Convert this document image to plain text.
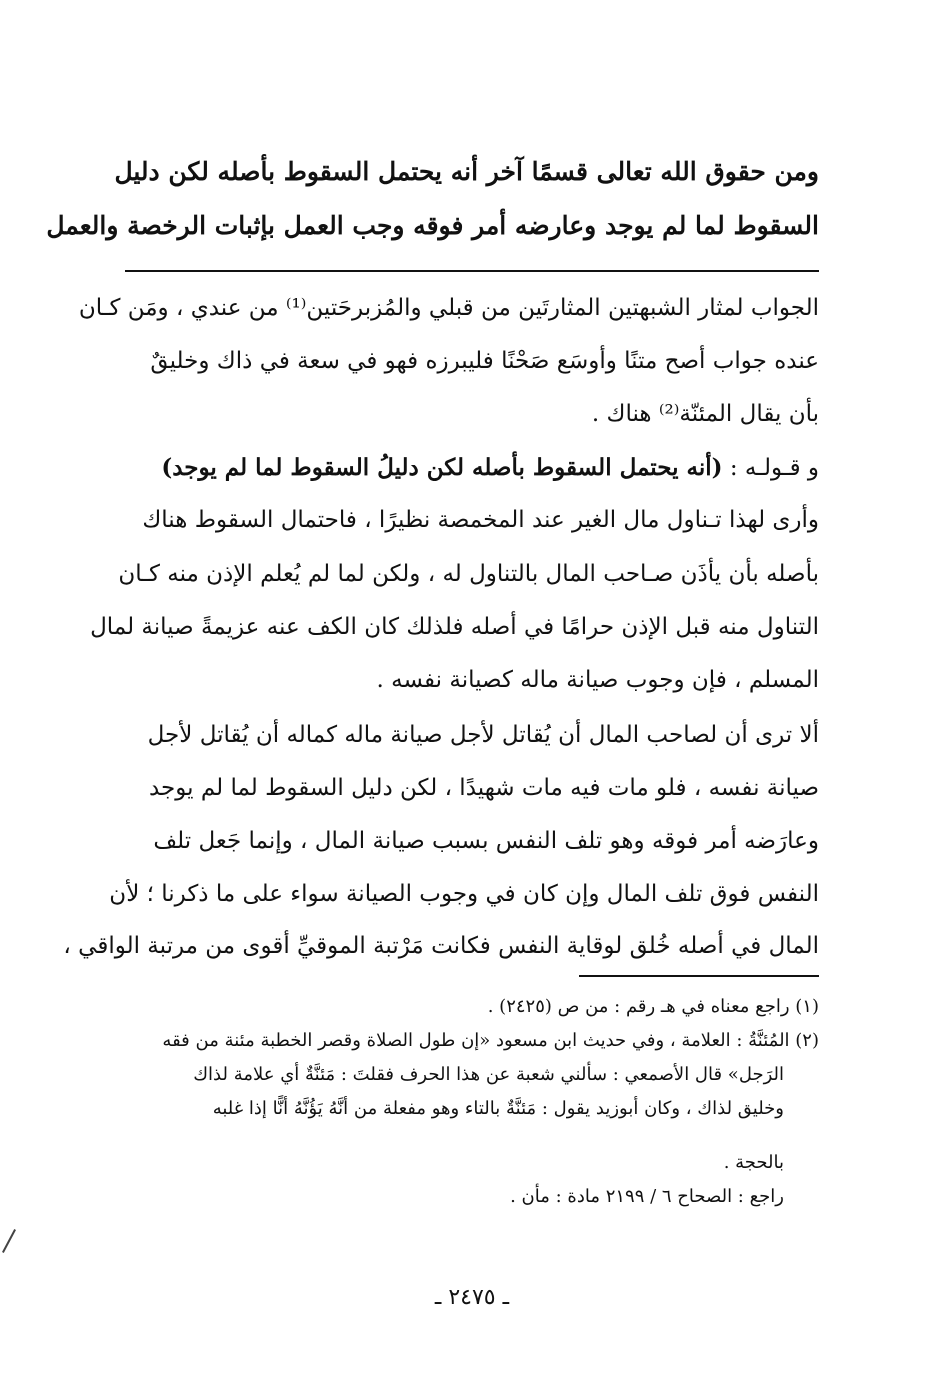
ومن حقوق الله تعالى قسمًا آخر أنه يحتمل السقوط بأصله لكن دليل
السقوط لما لم يوجد وعارضه أمر فوقه وجب العمل بإثبات الرخصة والعمل
الجواب لمثار الشبهتين المثارتَين من قبلي والمُزبرحَتين⁽¹⁾ من عندي ، ومَن كـان
عنده جواب أصح متنًا وأوسَع صَحْنًا فليبرزه فهو في سعة في ذاك وخليقٌ
بأن يقال المئنّة⁽²⁾ هناك .
و قـولـه : (أنه يحتمل السقوط بأصله لكن دليلُ السقوط لما لم يوجد)
وأرى لهذا تـناول مال الغير عند المخمصة نظيرًا ، فاحتمال السقوط هناك
بأصله بأن يأذَن صـاحب المال بالتناول له ، ولكن لما لم يُعلم الإذن منه كـان
التناول منه قبل الإذن حرامًا في أصله فلذلك كان الكف عنه عزيمةً صيانة لمال
المسلم ، فإن وجوب صيانة ماله كصيانة نفسه .
ألا ترى أن لصاحب المال أن يُقاتل لأجل صيانة ماله كماله أن يُقاتل لأجل
صيانة نفسه ، فلو مات فيه مات شهيدًا ، لكن دليل السقوط لما لم يوجد
وعارَضه أمر فوقه وهو تلف النفس بسبب صيانة المال ، وإنما جَعل تلف
النفس فوق تلف المال وإن كان في وجوب الصيانة سواء على ما ذكرنا ؛ لأن
المال في أصله خُلق لوقاية النفس فكانت مَرْتبة الموقيِّ أقوى من مرتبة الواقي ،
(١) راجع معناه في هـ رقم : من ص (٢٤٢٥) .
(٢) المُئنَّةُ : العلامة ، وفي حديث ابن مسعود «إن طول الصلاة وقصر الخطبة مئنة من فقه
الرَجل» قال الأصمعي : سألني شعبة عن هذا الحرف فقلتَ : مَئنَّةٌ أي علامة لذاك
وخليق لذاك ، وكان أبوزيد يقول : مَئنَّةٌ بالتاء وهو مفعلة من أنَّهُ يَؤُنَّهُ أنًّا إذا غلبه
بالحجة .
راجع : الصحاح ٦ / ٢١٩٩ مادة : مأن .
ـ ٢٤٧٥ ـ
